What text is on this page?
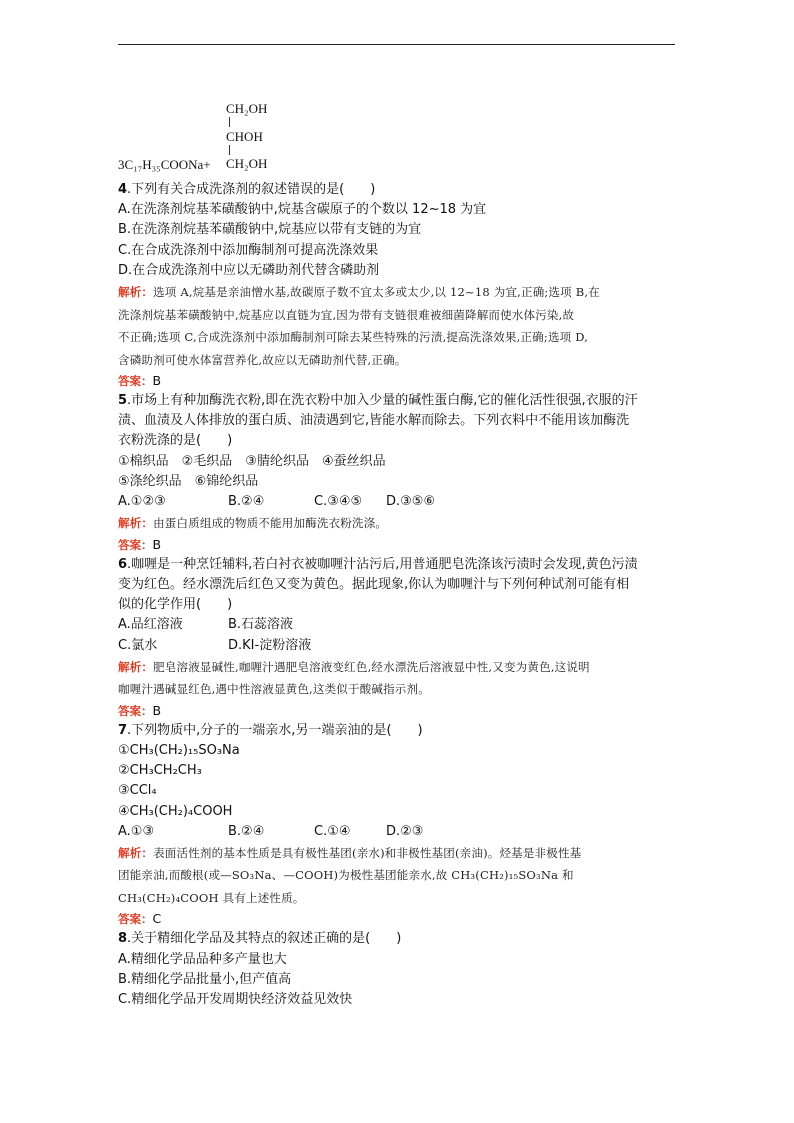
CH₂OH
CHOH
CH₂OH
3C₁₇H₃₅COONa+
4.下列有关合成洗涤剂的叙述错误的是(　　)
A.在洗涤剂烷基苯磺酸钠中,烷基含碳原子的个数以 12~18 为宜
B.在洗涤剂烷基苯磺酸钠中,烷基应以带有支链的为宜
C.在合成洗涤剂中添加酶制剂可提高洗涤效果
D.在合成洗涤剂中应以无磷助剂代替含磷助剂
解析：选项 A,烷基是亲油憎水基,故碳原子数不宜太多或太少,以 12~18 为宜,正确;选项 B,在
洗涤剂烷基苯磺酸钠中,烷基应以直链为宜,因为带有支链很难被细菌降解而使水体污染,故
不正确;选项 C,合成洗涤剂中添加酶制剂可除去某些特殊的污渍,提高洗涤效果,正确;选项 D,
含磷助剂可使水体富营养化,故应以无磷助剂代替,正确。
答案：B
5.市场上有种加酶洗衣粉,即在洗衣粉中加入少量的碱性蛋白酶,它的催化活性很强,衣服的汗
渍、血渍及人体排放的蛋白质、油渍遇到它,皆能水解而除去。下列衣料中不能用该加酶洗
衣粉洗涤的是(　　)
①棉织品　②毛织品　③腈纶织品　④蚕丝织品
⑤涤纶织品　⑥锦纶织品
A.①②③	B.②④	C.③④⑤ D.③⑤⑥
解析：由蛋白质组成的物质不能用加酶洗衣粉洗涤。
答案：B
6.咖喱是一种烹饪辅料,若白衬衣被咖喱汁沾污后,用普通肥皂洗涤该污渍时会发现,黄色污渍
变为红色。经水漂洗后红色又变为黄色。据此现象,你认为咖喱汁与下列何种试剂可能有相
似的化学作用(　　)
A.品红溶液	B.石蕊溶液
C.氯水	D.KI-淀粉溶液
解析：肥皂溶液显碱性,咖喱汁遇肥皂溶液变红色,经水漂洗后溶液显中性,又变为黄色,这说明
咖喱汁遇碱显红色,遇中性溶液显黄色,这类似于酸碱指示剂。
答案：B
7.下列物质中,分子的一端亲水,另一端亲油的是(　　)
①CH₃(CH₂)₁₅SO₃Na
②CH₃CH₂CH₃
③CCl₄
④CH₃(CH₂)₄COOH
A.①③	B.②④	C.①④	D.②③
解析：表面活性剂的基本性质是具有极性基团(亲水)和非极性基团(亲油)。烃基是非极性基
团能亲油,而酸根(或—SO₃Na、—COOH)为极性基团能亲水,故 CH₃(CH₂)₁₅SO₃Na 和
CH₃(CH₂)₄COOH 具有上述性质。
答案：C
8.关于精细化学品及其特点的叙述正确的是(　　)
A.精细化学品品种多产量也大
B.精细化学品批量小,但产值高
C.精细化学品开发周期快经济效益见效快
